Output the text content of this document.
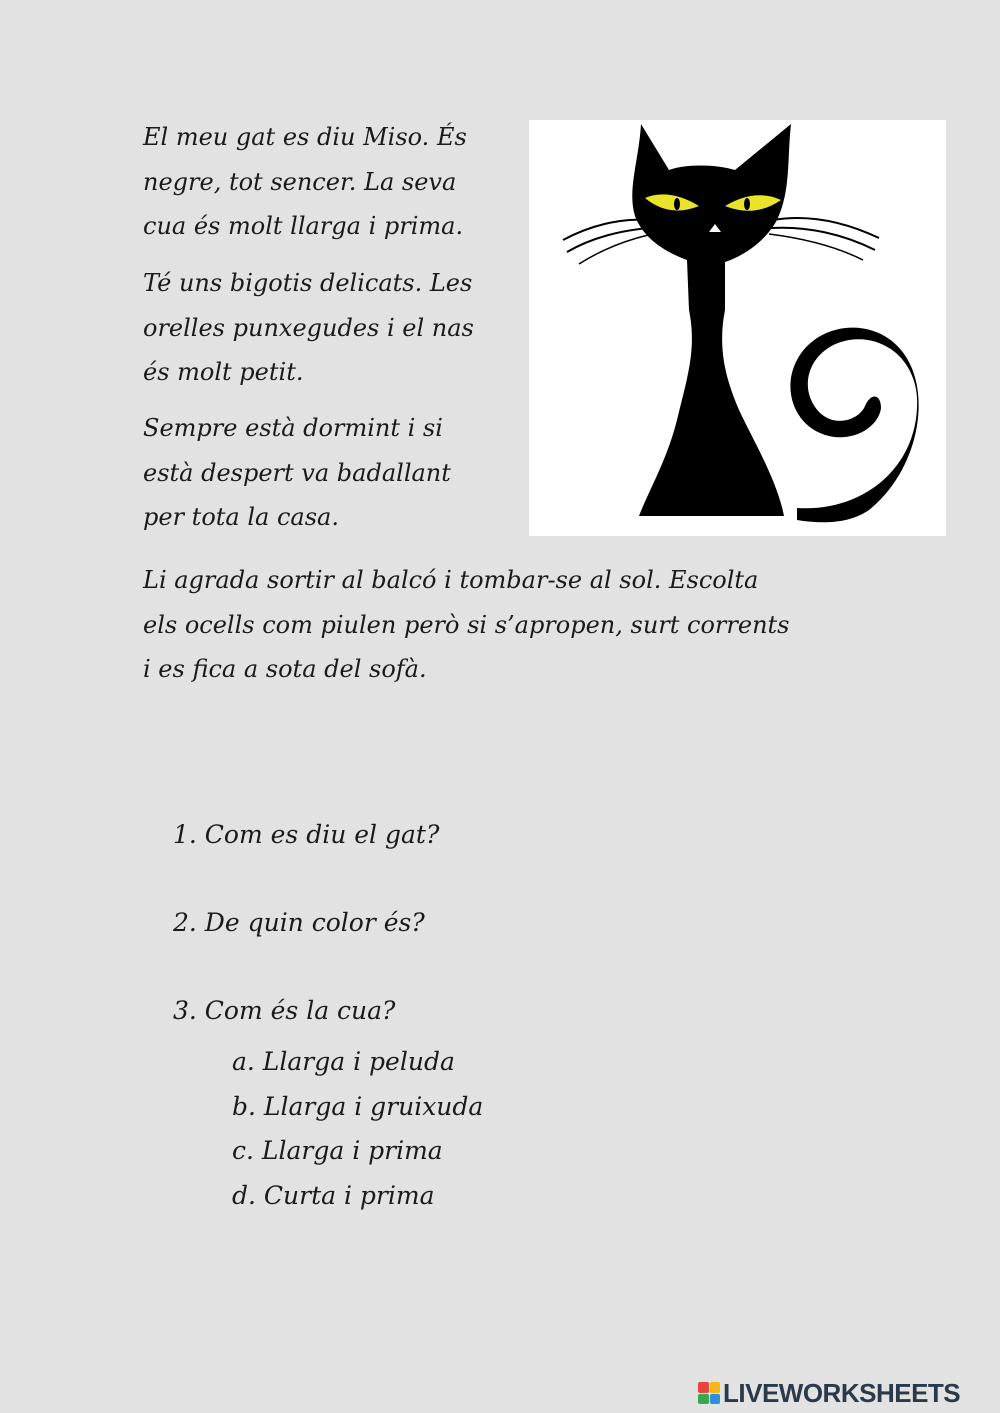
El meu gat es diu Miso. És
negre, tot sencer. La seva
cua és molt llarga i prima.

Té uns bigotis delicats. Les
orelles punxegudes i el nas
és molt petit.

Sempre està dormint i si
està despert va badallant
per tota la casa.

Li agrada sortir al balcó i tombar-se al sol. Escolta
els ocells com piulen però si s’apropen, surt corrents
i es fica a sota del sofà.

1. Com es diu el gat?

2. De quin color és?

3. Com és la cua?

a. Llarga i peluda
b. Llarga i gruixuda
c. Llarga i prima
d. Curta i prima
LIVEWORKSHEETS
